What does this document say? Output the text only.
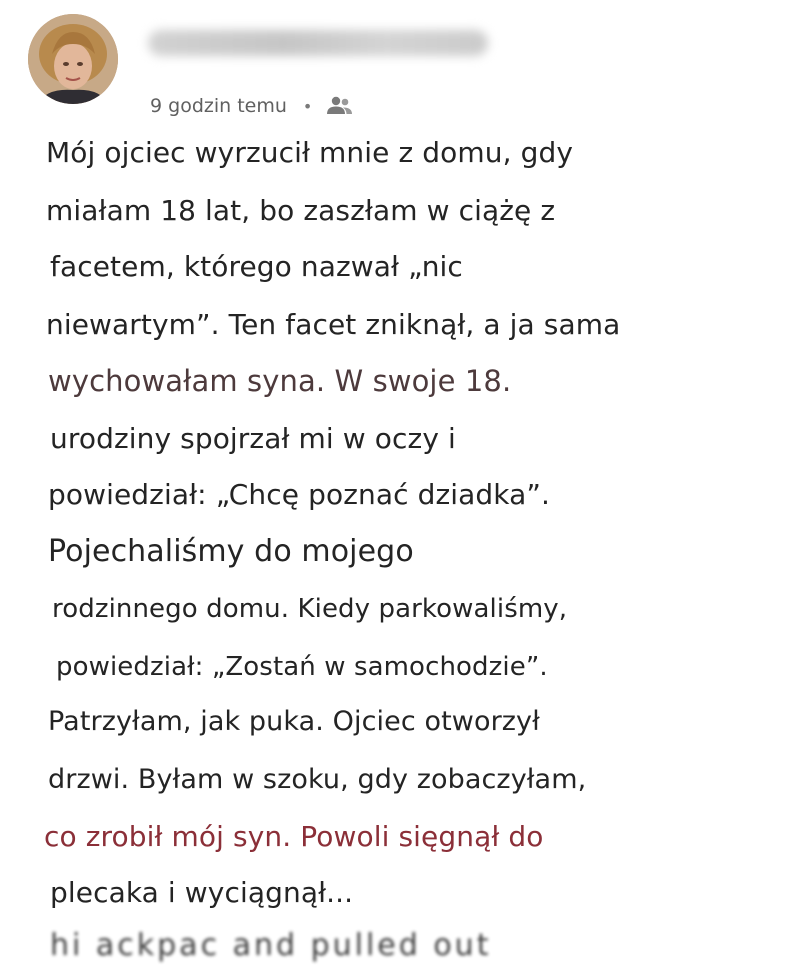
9 godzin temu •

Mój ojciec wyrzucił mnie z domu, gdy

miałam 18 lat, bo zaszłam w ciążę z

facetem, którego nazwał „nic

niewartym”. Ten facet zniknął, a ja sama

wychowałam syna. W swoje 18.

urodziny spojrzał mi w oczy i

powiedział: „Chcę poznać dziadka”.

Pojechaliśmy do mojego

rodzinnego domu. Kiedy parkowaliśmy,

powiedział: „Zostań w samochodzie”.

Patrzyłam, jak puka. Ojciec otworzył

drzwi. Byłam w szoku, gdy zobaczyłam,

co zrobił mój syn. Powoli sięgnął do

plecaka i wyciągnął...

hi ackpac and pulled out
